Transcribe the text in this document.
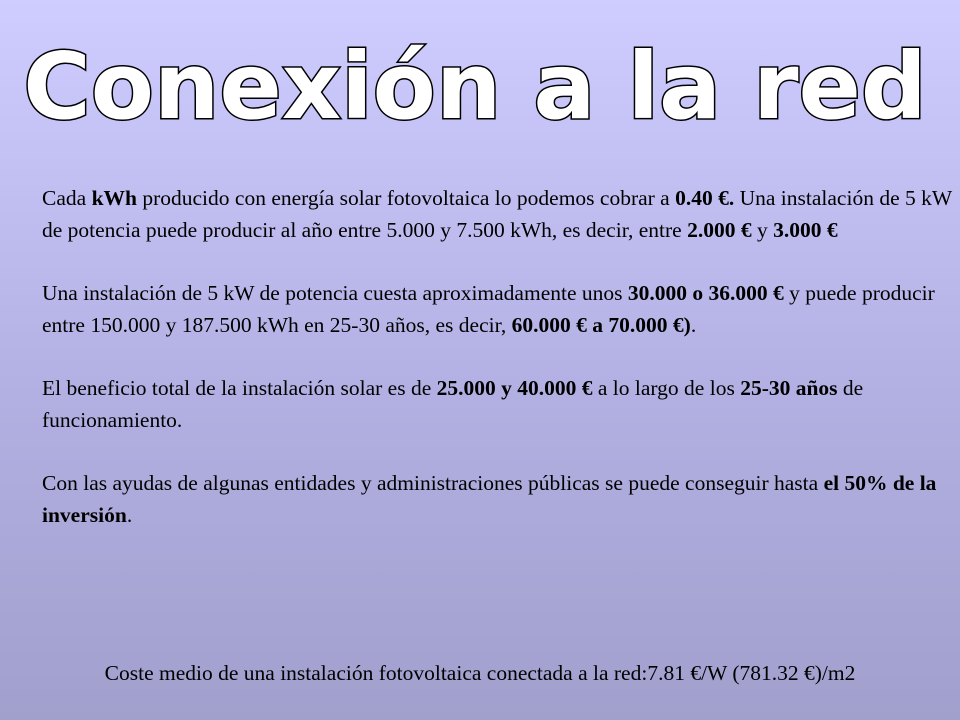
Conexión a la red

Cada kWh producido con energía solar fotovoltaica lo podemos cobrar a 0.40 €. Una instalación de 5 kW de potencia puede producir al año entre 5.000 y 7.500 kWh, es decir, entre 2.000 € y 3.000 €

Una instalación de 5 kW de potencia cuesta aproximadamente unos 30.000 o 36.000 € y puede producir entre 150.000 y 187.500 kWh en 25-30 años, es decir, 60.000 € a 70.000 €).

El beneficio total de la instalación solar es de 25.000 y 40.000 € a lo largo de los 25-30 años de funcionamiento.

Con las ayudas de algunas entidades y administraciones públicas se puede conseguir hasta el 50% de la inversión.

Coste medio de una instalación fotovoltaica conectada a la red:7.81 €/W (781.32 €)/m2
